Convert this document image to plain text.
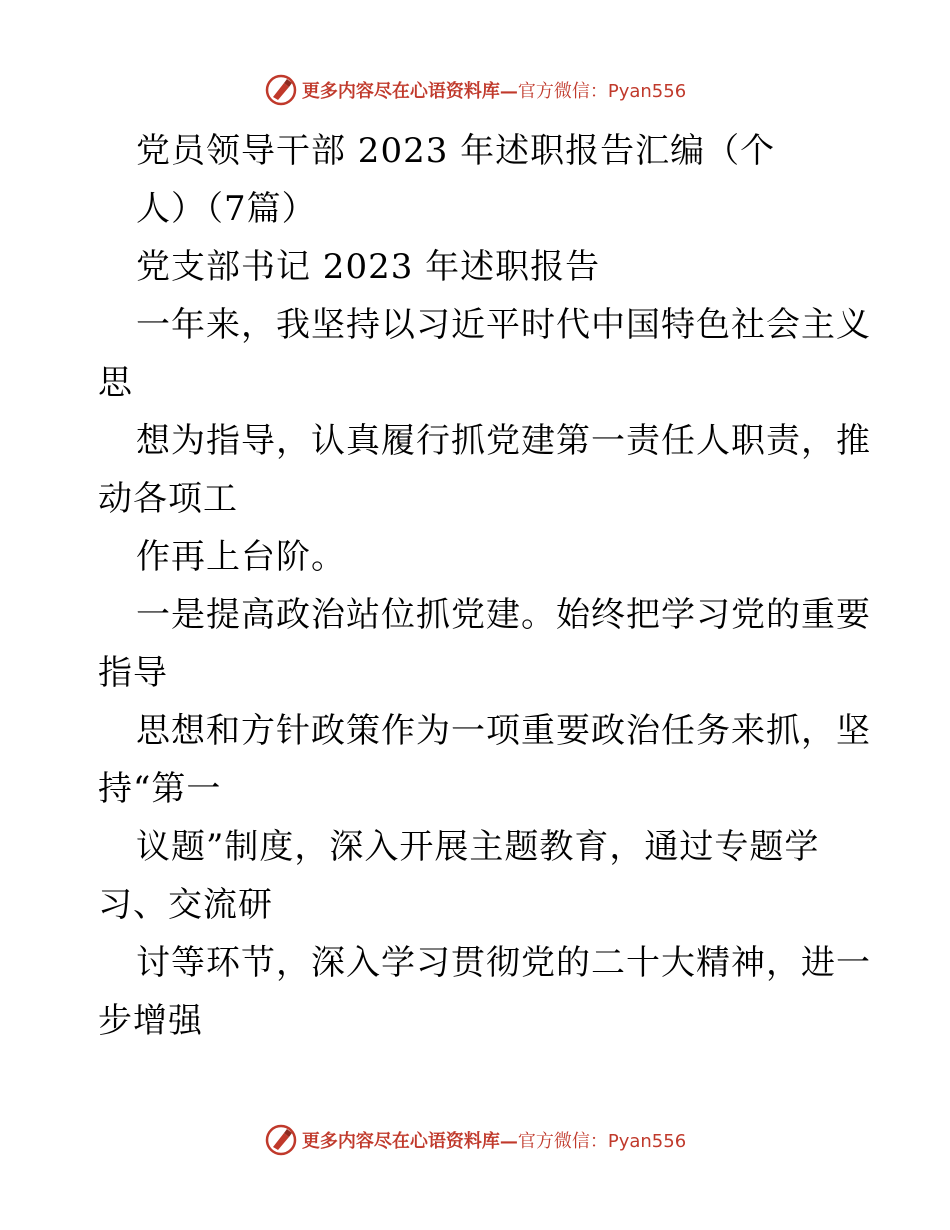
更多内容尽在心语资料库— 官方微信：Pyan556
党员领导干部 2023 年述职报告汇编（个
人）（7篇）
党支部书记 2023 年述职报告
一年来，我坚持以习近平时代中国特色社会主义
思
想为指导，认真履行抓党建第一责任人职责，推
动各项工
作再上台阶。
一是提高政治站位抓党建。始终把学习党的重要
指导
思想和方针政策作为一项重要政治任务来抓，坚
持“第一
议题”制度，深入开展主题教育，通过专题学
习、交流研
讨等环节，深入学习贯彻党的二十大精神，进一
步增强
更多内容尽在心语资料库— 官方微信：Pyan556
